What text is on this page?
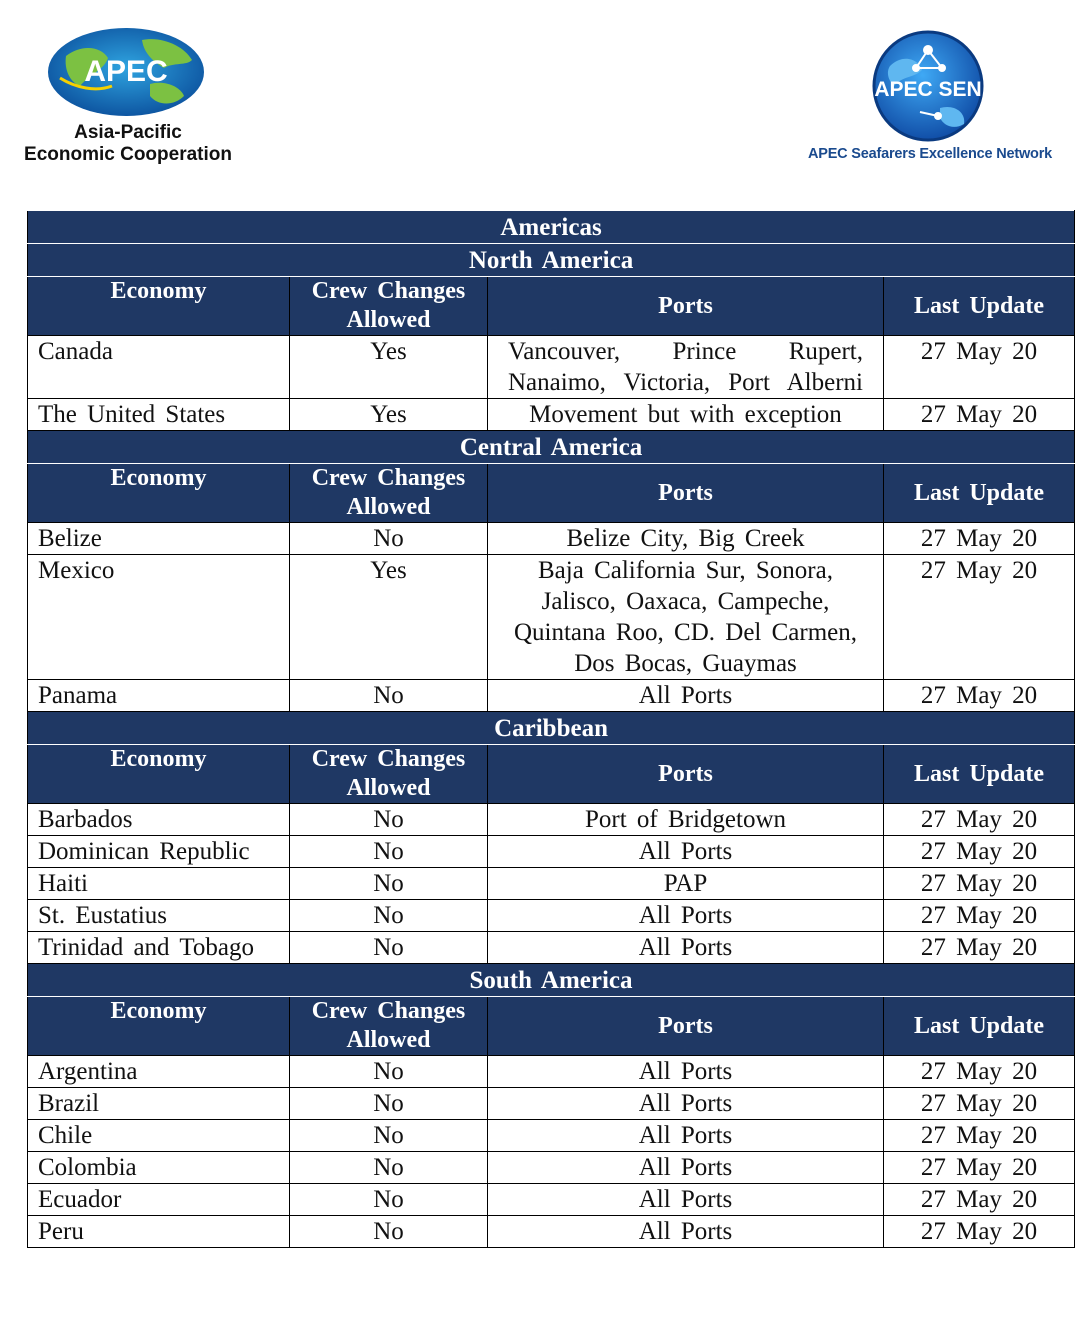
APEC
Asia-Pacific
Economic Cooperation
APEC SEN
APEC Seafarers Excellence Network
Americas			
North America			
Economy	Crew Changes Allowed	Ports	Last Update
Canada	Yes	Vancouver, Prince Rupert, Nanaimo, Victoria, Port Alberni	27 May 20
The United States	Yes	Movement but with exception	27 May 20
Central America			
Economy	Crew Changes Allowed	Ports	Last Update
Belize	No	Belize City, Big Creek	27 May 20
Mexico	Yes	Baja California Sur, Sonora, Jalisco, Oaxaca, Campeche, Quintana Roo, CD. Del Carmen, Dos Bocas, Guaymas	27 May 20
Panama	No	All Ports	27 May 20
Caribbean			
Economy	Crew Changes Allowed	Ports	Last Update
Barbados	No	Port of Bridgetown	27 May 20
Dominican Republic	No	All Ports	27 May 20
Haiti	No	PAP	27 May 20
St. Eustatius	No	All Ports	27 May 20
Trinidad and Tobago	No	All Ports	27 May 20
South America			
Economy	Crew Changes Allowed	Ports	Last Update
Argentina	No	All Ports	27 May 20
Brazil	No	All Ports	27 May 20
Chile	No	All Ports	27 May 20
Colombia	No	All Ports	27 May 20
Ecuador	No	All Ports	27 May 20
Peru	No	All Ports	27 May 20
